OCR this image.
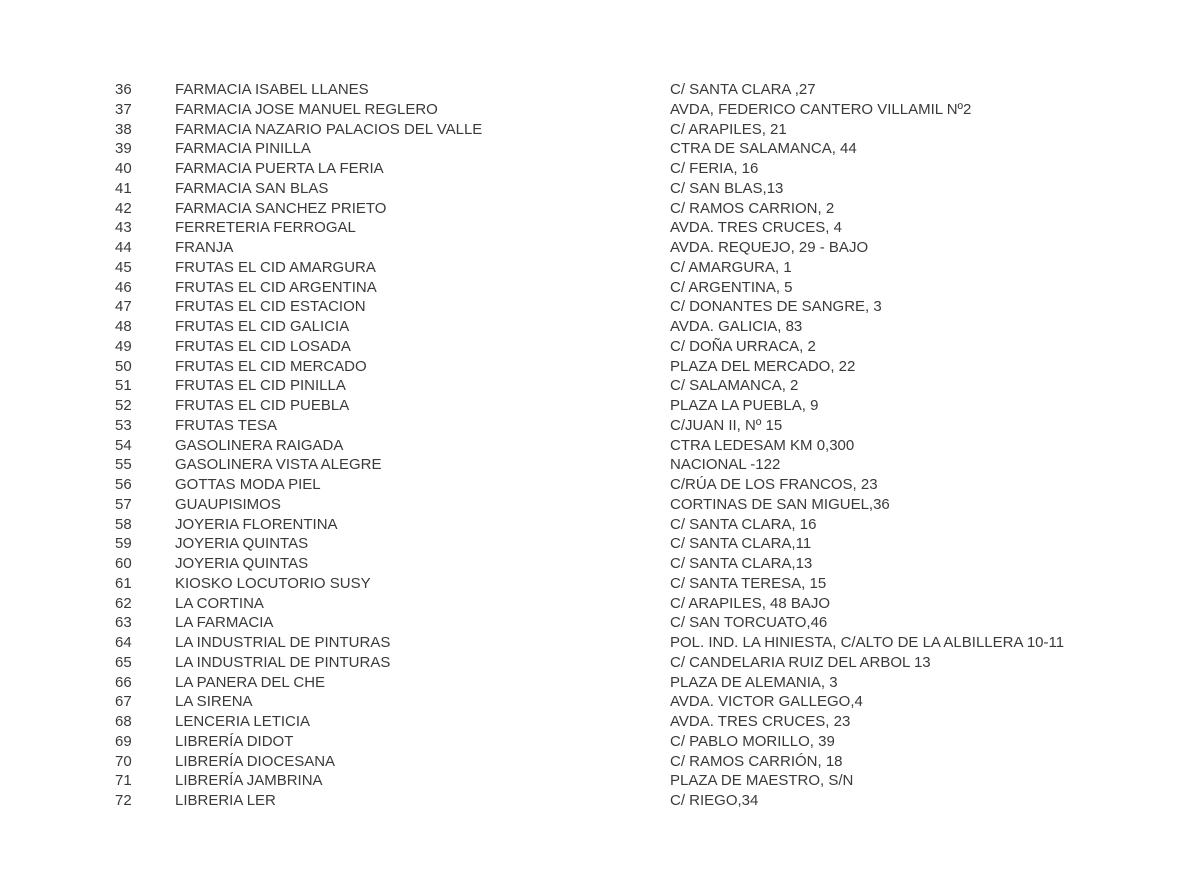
36	FARMACIA ISABEL LLANES	C/ SANTA CLARA ,27
37	FARMACIA JOSE MANUEL REGLERO	AVDA, FEDERICO CANTERO VILLAMIL Nº2
38	FARMACIA NAZARIO PALACIOS DEL VALLE	C/ ARAPILES, 21
39	FARMACIA PINILLA	CTRA DE SALAMANCA, 44
40	FARMACIA PUERTA LA FERIA	C/ FERIA, 16
41	FARMACIA SAN BLAS	C/ SAN BLAS,13
42	FARMACIA SANCHEZ PRIETO	C/ RAMOS CARRION, 2
43	FERRETERIA FERROGAL	AVDA. TRES CRUCES, 4
44	FRANJA	AVDA. REQUEJO, 29 - BAJO
45	FRUTAS EL CID AMARGURA	C/ AMARGURA, 1
46	FRUTAS EL CID ARGENTINA	C/ ARGENTINA, 5
47	FRUTAS EL CID ESTACION	C/ DONANTES DE SANGRE, 3
48	FRUTAS EL CID GALICIA	AVDA. GALICIA, 83
49	FRUTAS EL CID LOSADA	C/ DOÑA URRACA, 2
50	FRUTAS EL CID MERCADO	PLAZA DEL MERCADO, 22
51	FRUTAS EL CID PINILLA	C/ SALAMANCA, 2
52	FRUTAS EL CID PUEBLA	PLAZA LA PUEBLA, 9
53	FRUTAS TESA	C/JUAN II, Nº 15
54	GASOLINERA RAIGADA	CTRA LEDESAM KM 0,300
55	GASOLINERA VISTA ALEGRE	NACIONAL -122
56	GOTTAS MODA PIEL	C/RÚA DE LOS FRANCOS, 23
57	GUAUPISIMOS	CORTINAS DE SAN MIGUEL,36
58	JOYERIA FLORENTINA	C/ SANTA CLARA, 16
59	JOYERIA QUINTAS	C/ SANTA CLARA,11
60	JOYERIA QUINTAS	C/ SANTA CLARA,13
61	KIOSKO LOCUTORIO SUSY	C/ SANTA TERESA, 15
62	LA CORTINA	C/ ARAPILES, 48 BAJO
63	LA FARMACIA	C/ SAN TORCUATO,46
64	LA INDUSTRIAL DE PINTURAS	POL. IND. LA HINIESTA, C/ALTO DE LA ALBILLERA 10-11
65	LA INDUSTRIAL DE PINTURAS	C/ CANDELARIA RUIZ DEL ARBOL 13
66	LA PANERA DEL CHE	PLAZA DE ALEMANIA, 3
67	LA SIRENA	AVDA. VICTOR GALLEGO,4
68	LENCERIA LETICIA	AVDA. TRES CRUCES, 23
69	LIBRERÍA DIDOT	C/ PABLO MORILLO, 39
70	LIBRERÍA DIOCESANA	C/ RAMOS CARRIÓN, 18
71	LIBRERÍA JAMBRINA	PLAZA DE MAESTRO, S/N
72	LIBRERIA LER	C/ RIEGO,34
